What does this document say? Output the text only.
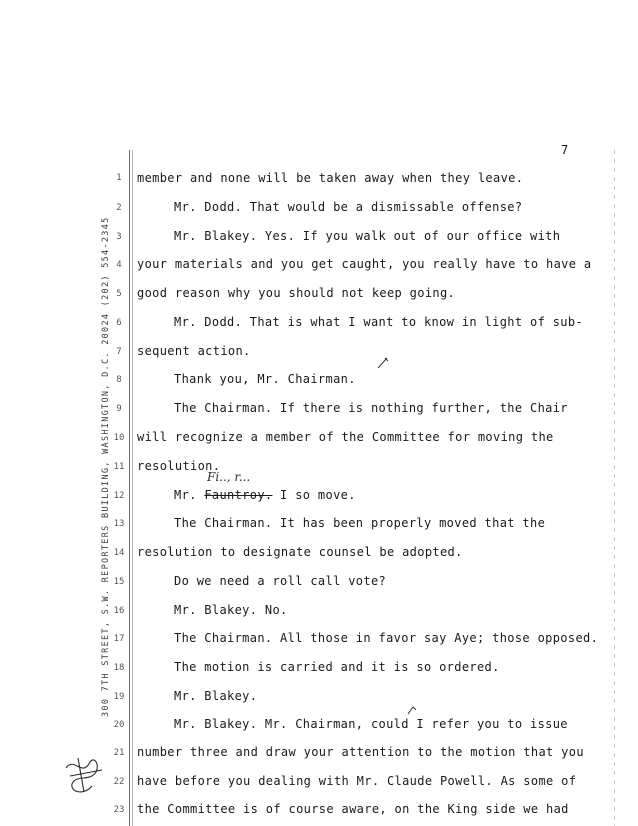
7
300 7TH STREET, S.W. REPORTERS BUILDING, WASHINGTON, D.C. 20024 (202) 554-2345
1
2
3
4
5
6
7
8
9
10
11
12
13
14
15
16
17
18
19
20
21
22
23
member and none will be taken away when they leave.
Mr. Dodd. That would be a dismissable offense?
Mr. Blakey. Yes. If you walk out of our office with
your materials and you get caught, you really have to have a
good reason why you should not keep going.
Mr. Dodd. That is what I want to know in light of sub-
sequent action.
Thank you, Mr. Chairman.
The Chairman. If there is nothing further, the Chair
will recognize a member of the Committee for moving the
resolution.
Fi.., r...
Mr. Fauntroy. I so move.
The Chairman. It has been properly moved that the
resolution to designate counsel be adopted.
Do we need a roll call vote?
Mr. Blakey. No.
The Chairman. All those in favor say Aye; those opposed.
The motion is carried and it is so ordered.
Mr. Blakey.
Mr. Blakey. Mr. Chairman, could I refer you to issue
number three and draw your attention to the motion that you
have before you dealing with Mr. Claude Powell. As some of
the Committee is of course aware, on the King side we had
